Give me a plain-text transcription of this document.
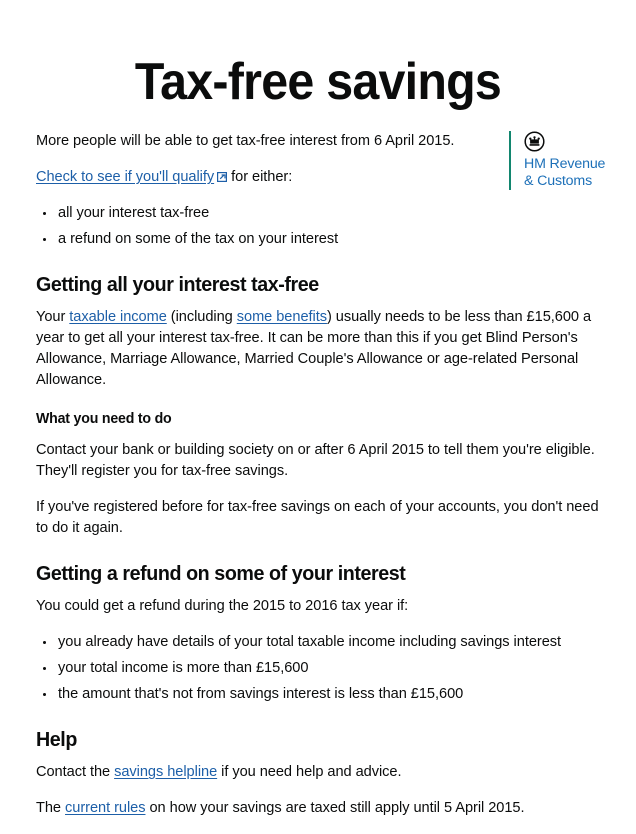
Tax-free savings
HM Revenue
& Customs

More people will be able to get tax-free interest from 6 April 2015.

Check to see if you'll qualify
for either:

all your interest tax-free
a refund on some of the tax on your interest
Getting all your interest tax-free

Your taxable income (including some benefits) usually needs to be less than £15,600 a year to get all your interest tax-free. It can be more than this if you get Blind Person's Allowance, Marriage Allowance, Married Couple's Allowance or age-related Personal Allowance.

What you need to do

Contact your bank or building society on or after 6 April 2015 to tell them you're eligible. They'll register you for tax-free savings.

If you've registered before for tax-free savings on each of your accounts, you don't need to do it again.

Getting a refund on some of your interest

You could get a refund during the 2015 to 2016 tax year if:

you already have details of your total taxable income including savings interest
your total income is more than £15,600
the amount that's not from savings interest is less than £15,600
Help

Contact the savings helpline if you need help and advice.

The current rules on how your savings are taxed still apply until 5 April 2015.
